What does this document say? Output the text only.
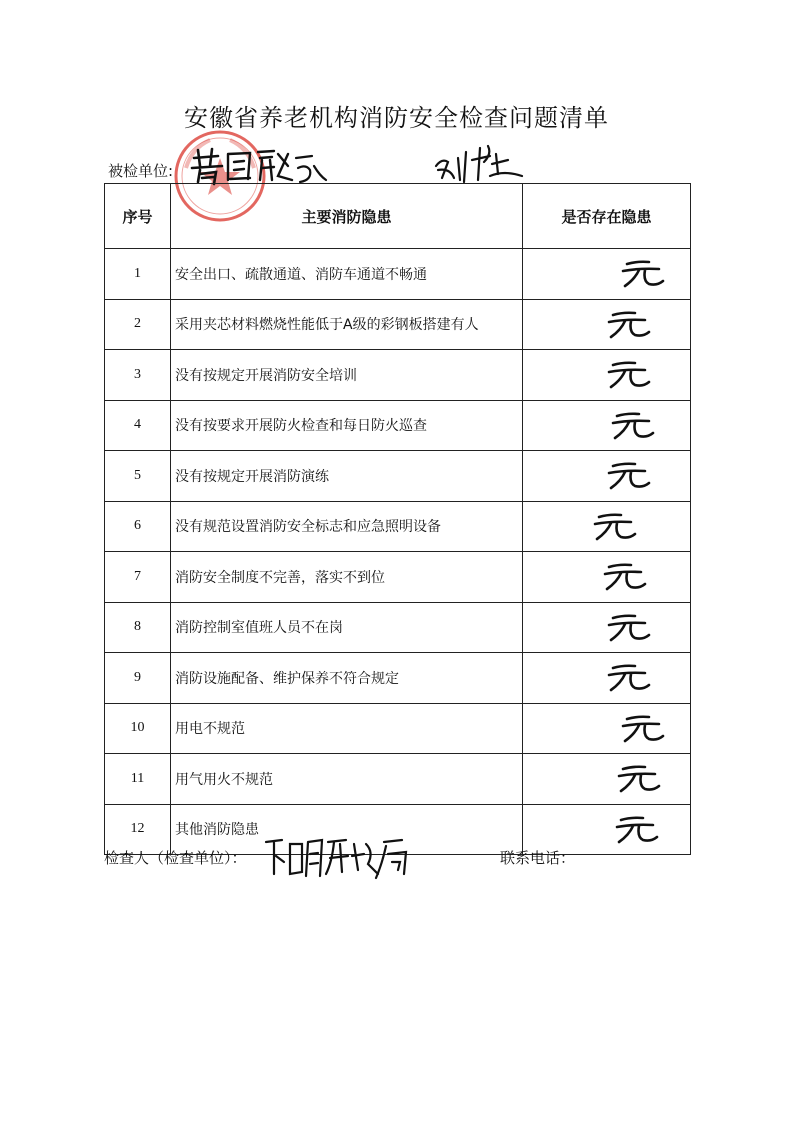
安徽省养老机构消防安全检查问题清单
被检单位:
序号	主要消防隐患	是否存在隐患
1	安全出口、疏散通道、消防车通道不畅通	

2	采用夹芯材料燃烧性能低于A级的彩钢板搭建有人	

3	没有按规定开展消防安全培训	

4	没有按要求开展防火检查和每日防火巡查	

5	没有按规定开展消防演练	

6	没有规范设置消防安全标志和应急照明设备	

7	消防安全制度不完善，落实不到位	

8	消防控制室值班人员不在岗	

9	消防设施配备、维护保养不符合规定	

10	用电不规范	

11	用气用火不规范	

12	其他消防隐患	
检查人（检查单位）：	联系电话：
